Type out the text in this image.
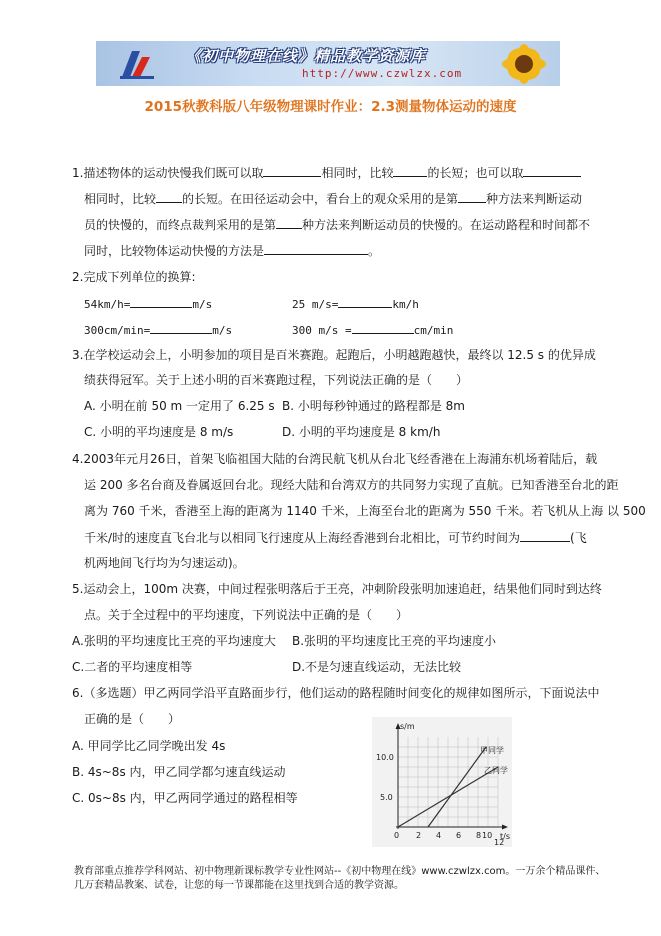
《初中物理在线》精品教学资源库
http://www.czwlzx.com
2015秋教科版八年级物理课时作业：2.3测量物体运动的速度
1.描述物体的运动快慢我们既可以取	相同时，比较	的长短；也可以取
相同时，比较 的长短。在田径运动会中，看台上的观众采用的是第 种方法来判断运动
员的快慢的，而终点裁判采用的是第 种方法来判断运动员的快慢的。在运动路程和时间都不
同时，比较物体运动快慢的方法是	。
2.完成下列单位的换算:
54km/h=	m/s	25 m/s=	km/h
300cm/min=	m/s	300 m/s =	cm/min
3.在学校运动会上，小明参加的项目是百米赛跑。起跑后，小明越跑越快，最终以 12.5 s 的优异成
绩获得冠军。关于上述小明的百米赛跑过程，下列说法正确的是（　　）
A. 小明在前 50 m 一定用了 6.25 s B. 小明每秒钟通过的路程都是 8m
C. 小明的平均速度是 8 m/s	D. 小明的平均速度是 8 km/h
4.2003年元月26日，首架飞临祖国大陆的台湾民航飞机从台北飞经香港在上海浦东机场着陆后，载
运 200 多名台商及眷属返回台北。现经大陆和台湾双方的共同努力实现了直航。已知香港至台北的距
离为 760 千米，香港至上海的距离为 1140 千米，上海至台北的距离为 550 千米。若飞机从上海 以 500
千米/时的速度直飞台北与以相同飞行速度从上海经香港到台北相比，可节约时间为	(飞
机两地间飞行均为匀速运动)。
5.运动会上，100m 决赛，中间过程张明落后于王亮，冲刺阶段张明加速追赶，结果他们同时到达终
点。关于全过程中的平均速度，下列说法中正确的是（　　）
A.张明的平均速度比王亮的平均速度大 B.张明的平均速度比王亮的平均速度小
C.二者的平均速度相等	D.不是匀速直线运动，无法比较
6.（多选题）甲乙两同学沿平直路面步行，他们运动的路程随时间变化的规律如图所示，下面说法中
正确的是（　　）
A. 甲同学比乙同学晚出发 4s
B. 4s~8s 内，甲乙同学都匀速直线运动
C. 0s~8s 内，甲乙两同学通过的路程相等
s/m
t/s
10.0
5.0
0 2 4 6 8 10
12
甲同学
乙同学
教育部重点推荐学科网站、初中物理新课标教学专业性网站--《初中物理在线》www.czwlzx.com。一万余个精品课件、
几万套精品教案、试卷，让您的每一节课都能在这里找到合适的教学资源。
